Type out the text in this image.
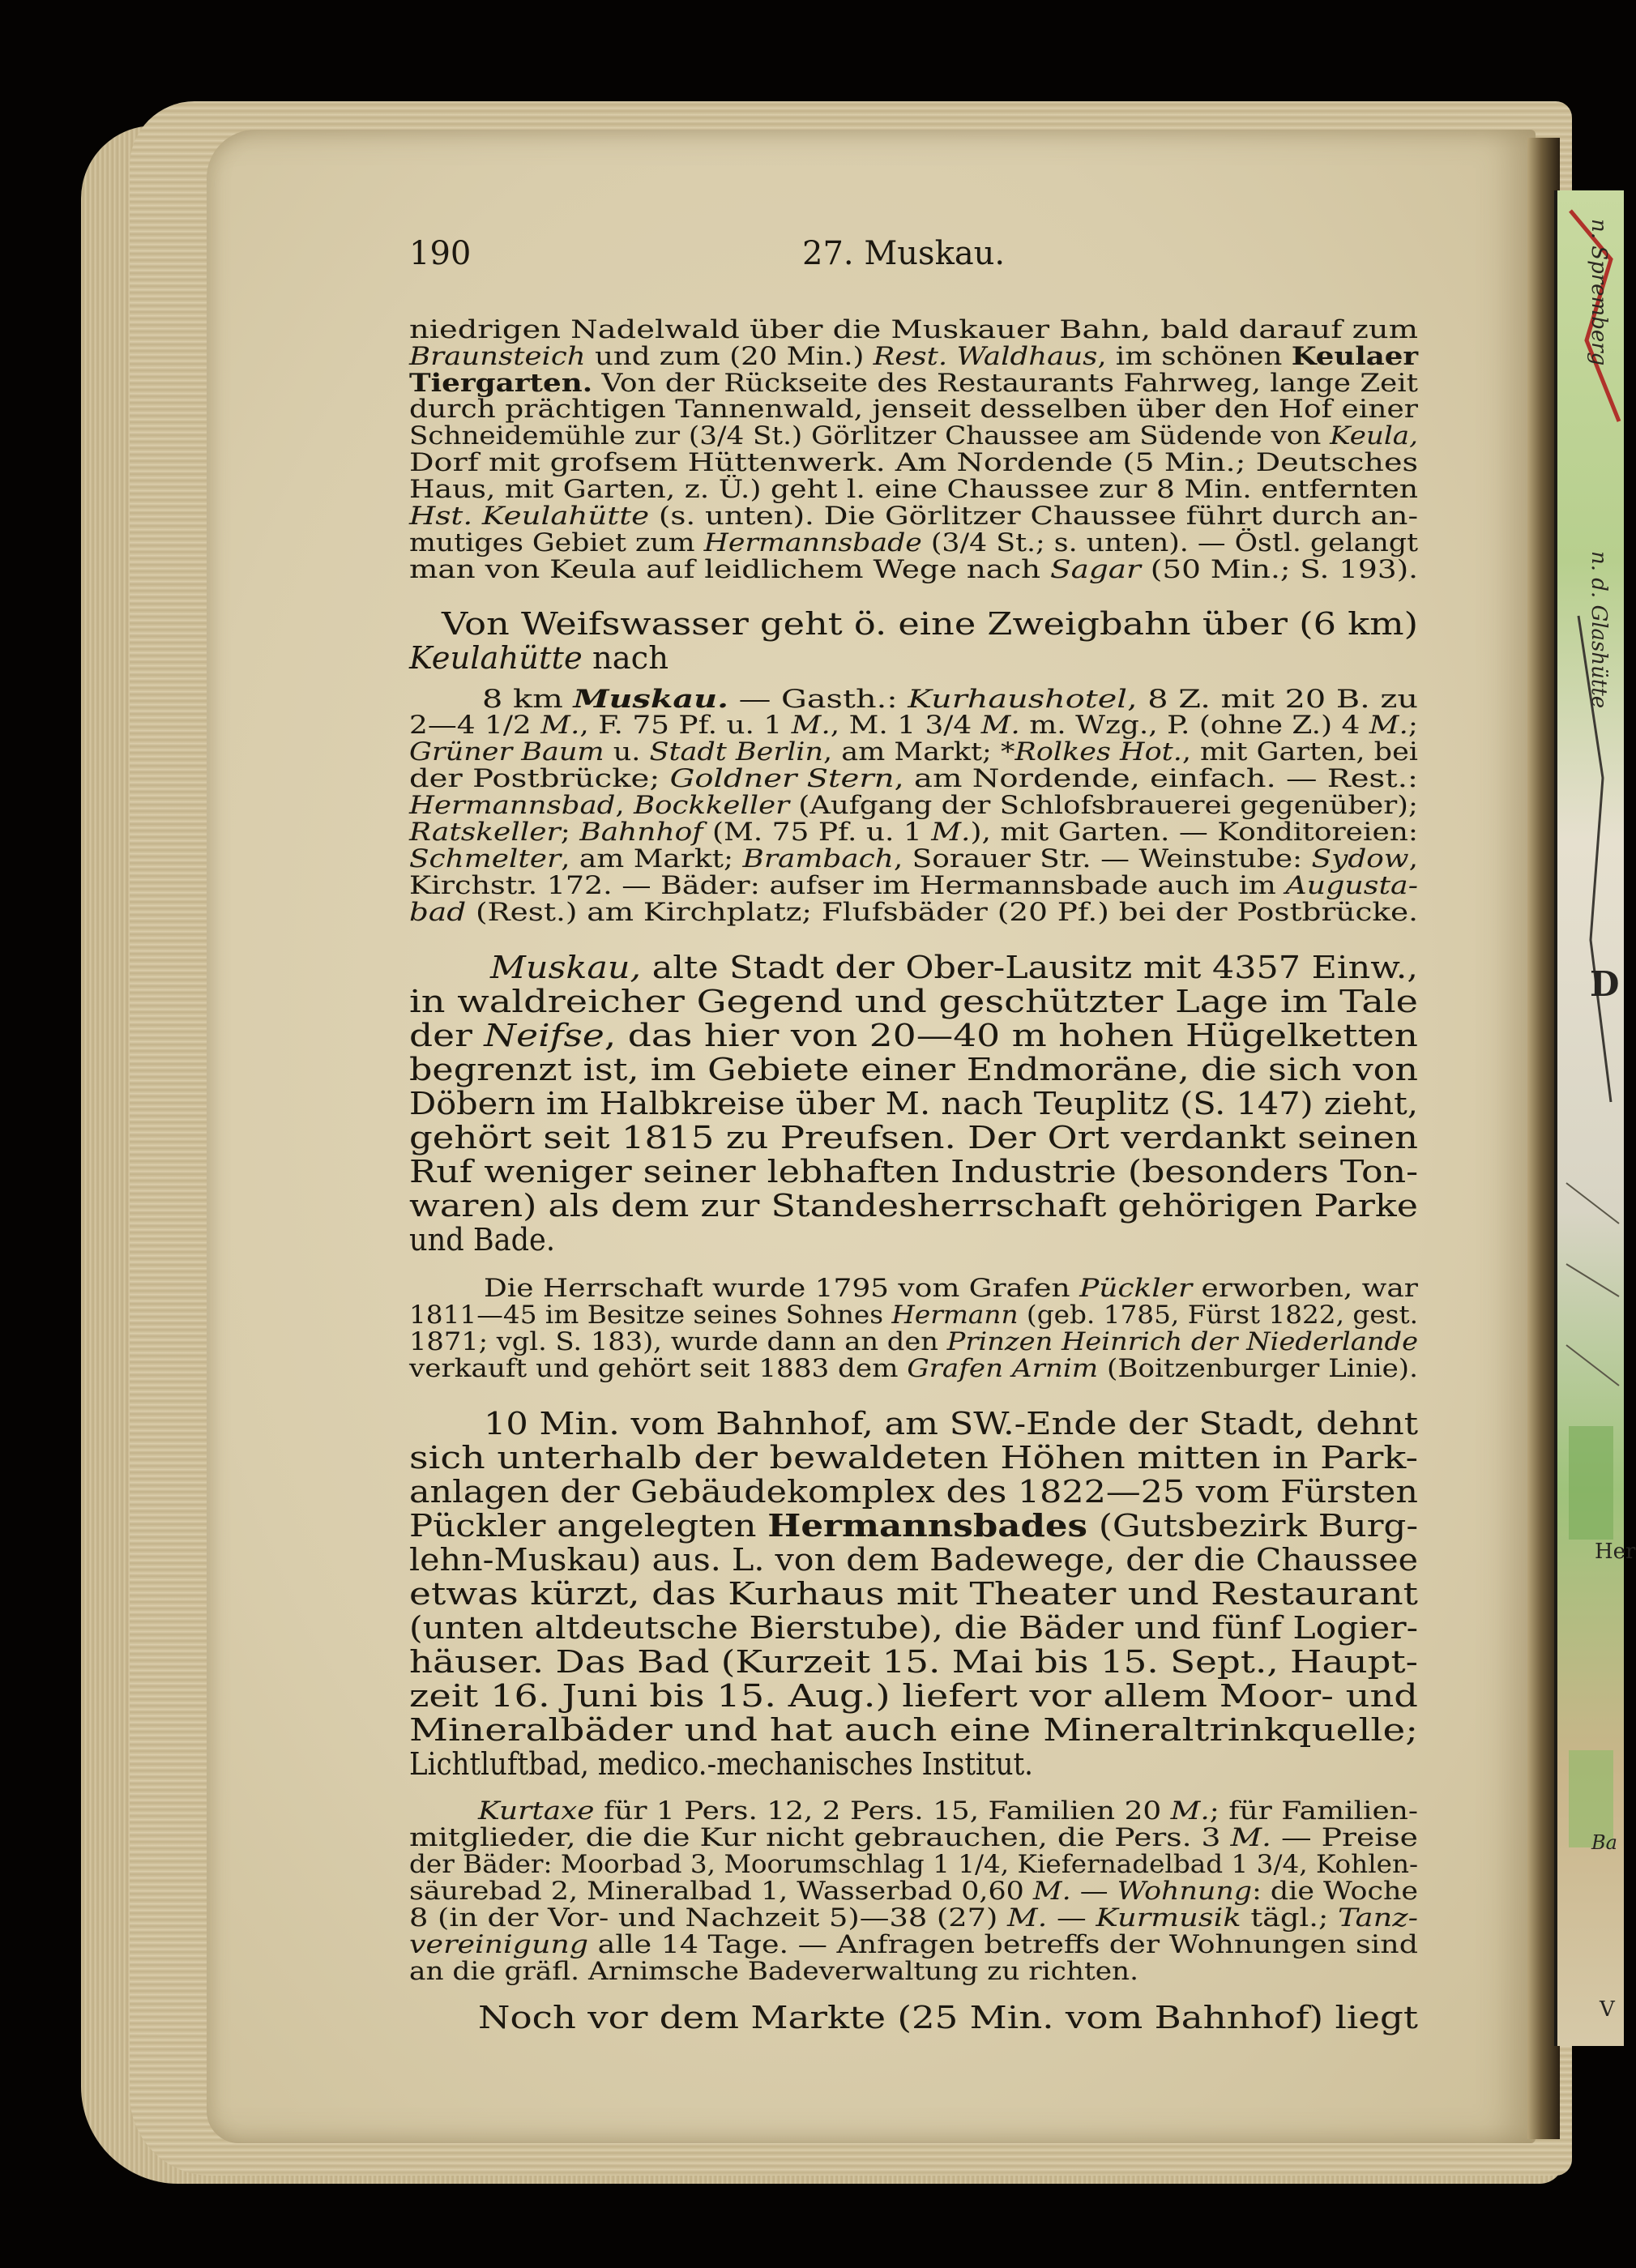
n. Spremberg
n. d. Glashütte
D
Her
Ba
V
190	27. Muskau.
niedrigen Nadelwald über die Muskauer Bahn, bald darauf zum
Braunsteich und zum (20 Min.) Rest. Waldhaus, im schönen Keulaer
Tiergarten. Von der Rückseite des Restaurants Fahrweg, lange Zeit
durch prächtigen Tannenwald, jenseit desselben über den Hof einer
Schneidemühle zur (3/4 St.) Görlitzer Chaussee am Südende von Keula,
Dorf mit grofsem Hüttenwerk. Am Nordende (5 Min.; Deutsches
Haus, mit Garten, z. Ü.) geht l. eine Chaussee zur 8 Min. entfernten
Hst. Keulahütte (s. unten). Die Görlitzer Chaussee führt durch an-
mutiges Gebiet zum Hermannsbade (3/4 St.; s. unten). — Östl. gelangt
man von Keula auf leidlichem Wege nach Sagar (50 Min.; S. 193).
Von Weifswasser geht ö. eine Zweigbahn über (6 km)
Keulahütte nach
8 km Muskau. — Gasth.: Kurhaushotel, 8 Z. mit 20 B. zu
2—4 1/2 M., F. 75 Pf. u. 1 M., M. 1 3/4 M. m. Wzg., P. (ohne Z.) 4 M.;
Grüner Baum u. Stadt Berlin, am Markt; *Rolkes Hot., mit Garten, bei
der Postbrücke; Goldner Stern, am Nordende, einfach. — Rest.:
Hermannsbad, Bockkeller (Aufgang der Schlofsbrauerei gegenüber);
Ratskeller; Bahnhof (M. 75 Pf. u. 1 M.), mit Garten. — Konditoreien:
Schmelter, am Markt; Brambach, Sorauer Str. — Weinstube: Sydow,
Kirchstr. 172. — Bäder: aufser im Hermannsbade auch im Augusta-
bad (Rest.) am Kirchplatz; Flufsbäder (20 Pf.) bei der Postbrücke.
Muskau, alte Stadt der Ober-Lausitz mit 4357 Einw.,
in waldreicher Gegend und geschützter Lage im Tale
der Neifse, das hier von 20—40 m hohen Hügelketten
begrenzt ist, im Gebiete einer Endmoräne, die sich von
Döbern im Halbkreise über M. nach Teuplitz (S. 147) zieht,
gehört seit 1815 zu Preufsen. Der Ort verdankt seinen
Ruf weniger seiner lebhaften Industrie (besonders Ton-
waren) als dem zur Standesherrschaft gehörigen Parke
und Bade.
Die Herrschaft wurde 1795 vom Grafen Pückler erworben, war
1811—45 im Besitze seines Sohnes Hermann (geb. 1785, Fürst 1822, gest.
1871; vgl. S. 183), wurde dann an den Prinzen Heinrich der Niederlande
verkauft und gehört seit 1883 dem Grafen Arnim (Boitzenburger Linie).
10 Min. vom Bahnhof, am SW.-Ende der Stadt, dehnt
sich unterhalb der bewaldeten Höhen mitten in Park-
anlagen der Gebäudekomplex des 1822—25 vom Fürsten
Pückler angelegten Hermannsbades (Gutsbezirk Burg-
lehn-Muskau) aus. L. von dem Badewege, der die Chaussee
etwas kürzt, das Kurhaus mit Theater und Restaurant
(unten altdeutsche Bierstube), die Bäder und fünf Logier-
häuser. Das Bad (Kurzeit 15. Mai bis 15. Sept., Haupt-
zeit 16. Juni bis 15. Aug.) liefert vor allem Moor- und
Mineralbäder und hat auch eine Mineraltrinkquelle;
Lichtluftbad, medico.-mechanisches Institut.
Kurtaxe für 1 Pers. 12, 2 Pers. 15, Familien 20 M.; für Familien-
mitglieder, die die Kur nicht gebrauchen, die Pers. 3 M. — Preise
der Bäder: Moorbad 3, Moorumschlag 1 1/4, Kiefernadelbad 1 3/4, Kohlen-
säurebad 2, Mineralbad 1, Wasserbad 0,60 M. — Wohnung: die Woche
8 (in der Vor- und Nachzeit 5)—38 (27) M. — Kurmusik tägl.; Tanz-
vereinigung alle 14 Tage. — Anfragen betreffs der Wohnungen sind
an die gräfl. Arnimsche Badeverwaltung zu richten.
Noch vor dem Markte (25 Min. vom Bahnhof) liegt
